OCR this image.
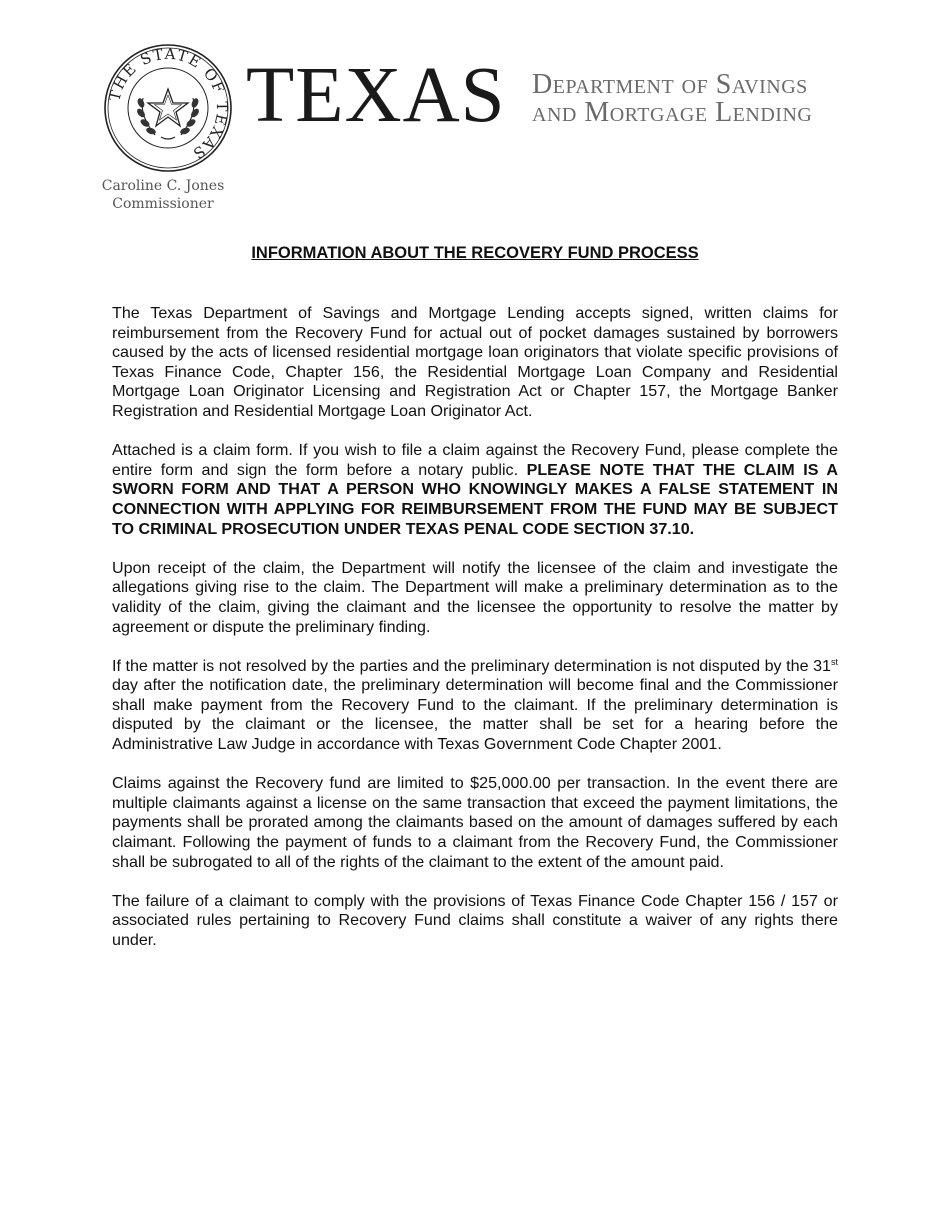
THE STATE OF TEXAS
Caroline C. Jones
Commissioner
TEXAS Department of Savings
and Mortgage Lending
INFORMATION ABOUT THE RECOVERY FUND PROCESS

The Texas Department of Savings and Mortgage Lending accepts signed, written claims for reimbursement from the Recovery Fund for actual out of pocket damages sustained by borrowers caused by the acts of licensed residential mortgage loan originators that violate specific provisions of Texas Finance Code, Chapter 156, the Residential Mortgage Loan Company and Residential Mortgage Loan Originator Licensing and Registration Act or Chapter 157, the Mortgage Banker Registration and Residential Mortgage Loan Originator Act.

Attached is a claim form. If you wish to file a claim against the Recovery Fund, please complete the entire form and sign the form before a notary public. PLEASE NOTE THAT THE CLAIM IS A SWORN FORM AND THAT A PERSON WHO KNOWINGLY MAKES A FALSE STATEMENT IN CONNECTION WITH APPLYING FOR REIMBURSEMENT FROM THE FUND MAY BE SUBJECT TO CRIMINAL PROSECUTION UNDER TEXAS PENAL CODE SECTION 37.10.

Upon receipt of the claim, the Department will notify the licensee of the claim and investigate the allegations giving rise to the claim. The Department will make a preliminary determination as to the validity of the claim, giving the claimant and the licensee the opportunity to resolve the matter by agreement or dispute the preliminary finding.

If the matter is not resolved by the parties and the preliminary determination is not disputed by the 31st day after the notification date, the preliminary determination will become final and the Commissioner shall make payment from the Recovery Fund to the claimant. If the preliminary determination is disputed by the claimant or the licensee, the matter shall be set for a hearing before the Administrative Law Judge in accordance with Texas Government Code Chapter 2001.

Claims against the Recovery fund are limited to $25,000.00 per transaction. In the event there are multiple claimants against a license on the same transaction that exceed the payment limitations, the payments shall be prorated among the claimants based on the amount of damages suffered by each claimant. Following the payment of funds to a claimant from the Recovery Fund, the Commissioner shall be subrogated to all of the rights of the claimant to the extent of the amount paid.

The failure of a claimant to comply with the provisions of Texas Finance Code Chapter 156 / 157 or associated rules pertaining to Recovery Fund claims shall constitute a waiver of any rights there under.
